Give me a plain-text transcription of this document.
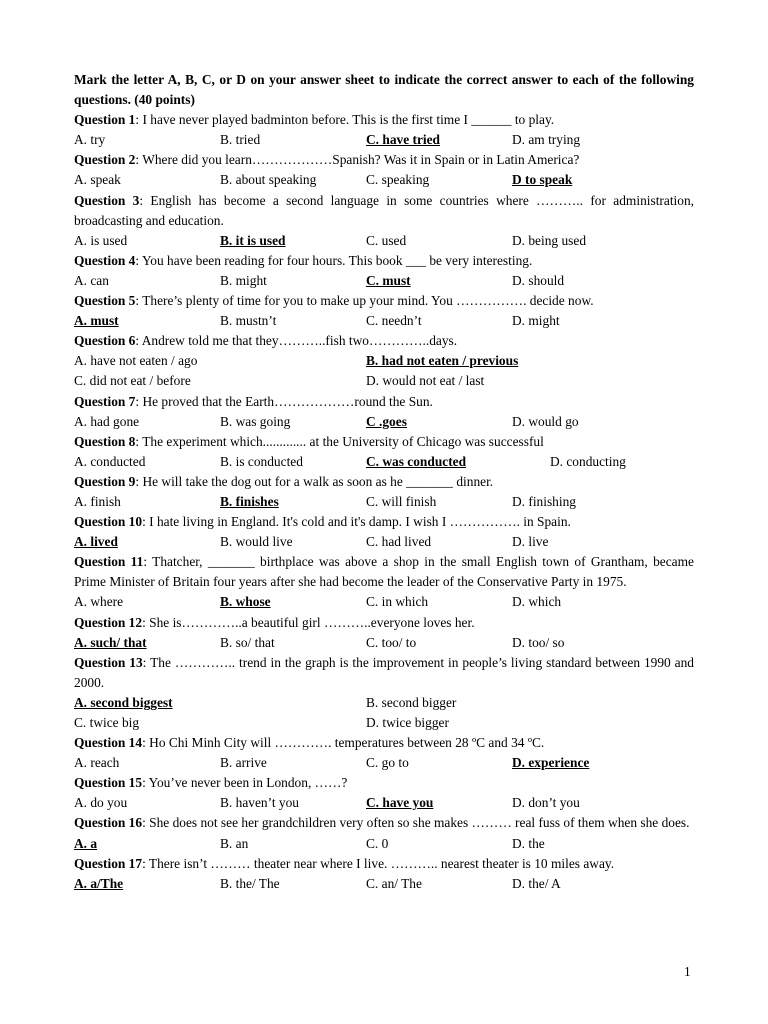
Mark the letter A, B, C, or D on your answer sheet to indicate the correct answer to each of the following questions. (40 points)
Question 1: I have never played badminton before. This is the first time I ______ to play.
A. try	B. tried	C. have tried	D. am trying
Question 2: Where did you learn………………Spanish? Was it in Spain or in Latin America?
A. speak	B. about speaking	C. speaking	D to speak
Question 3: English has become a second language in some countries where ……….. for administration, broadcasting and education.
A. is used	B. it is used	C. used	D. being used
Question 4: You have been reading for four hours. This book ___ be very interesting.
A. can	B. might	C. must	D. should
Question 5: There’s plenty of time for you to make up your mind. You ……………. decide now.
A. must	B. mustn’t	C. needn’t	D. might
Question 6: Andrew told me that they………..fish two…………..days.
A. have not eaten / ago	B. had not eaten / previous
C. did not eat / before	D. would not eat / last
Question 7: He proved that the Earth………………round the Sun.
A. had gone	B. was going	C .goes	D. would go
Question 8: The experiment which............. at the University of Chicago was successful
A. conducted	B. is conducted	C. was conducted	D. conducting
Question 9: He will take the dog out for a walk as soon as he _______ dinner.
A. finish	B. finishes	C. will finish	D. finishing
Question 10: I hate living in England. It's cold and it's damp. I wish I ……………. in Spain.
A. lived	B. would live	C. had lived	D. live
Question 11: Thatcher, _______ birthplace was above a shop in the small English town of Grantham, became Prime Minister of Britain four years after she had become the leader of the Conservative Party in 1975.
A. where	B. whose	C. in which	D. which
Question 12: She is…………..a beautiful girl ………..everyone loves her.
A. such/ that	B. so/ that	C. too/ to	D. too/ so
Question 13: The ………….. trend in the graph is the improvement in people’s living standard between 1990 and 2000.
A. second biggest	B. second bigger
C. twice big	D. twice bigger
Question 14: Ho Chi Minh City will …………. temperatures between 28 ºC and 34 ºC.
A. reach	B. arrive	C. go to	D. experience
Question 15: You’ve never been in London, ……?
A. do you	B. haven’t you	C. have you	D. don’t you
Question 16: She does not see her grandchildren very often so she makes ……… real fuss of them when she does.
A. a	B. an	C. 0	D. the
Question 17: There isn’t ……… theater near where I live. ……….. nearest theater is 10 miles away.
A. a/The	B. the/ The	C. an/ The	D. the/ A
1
